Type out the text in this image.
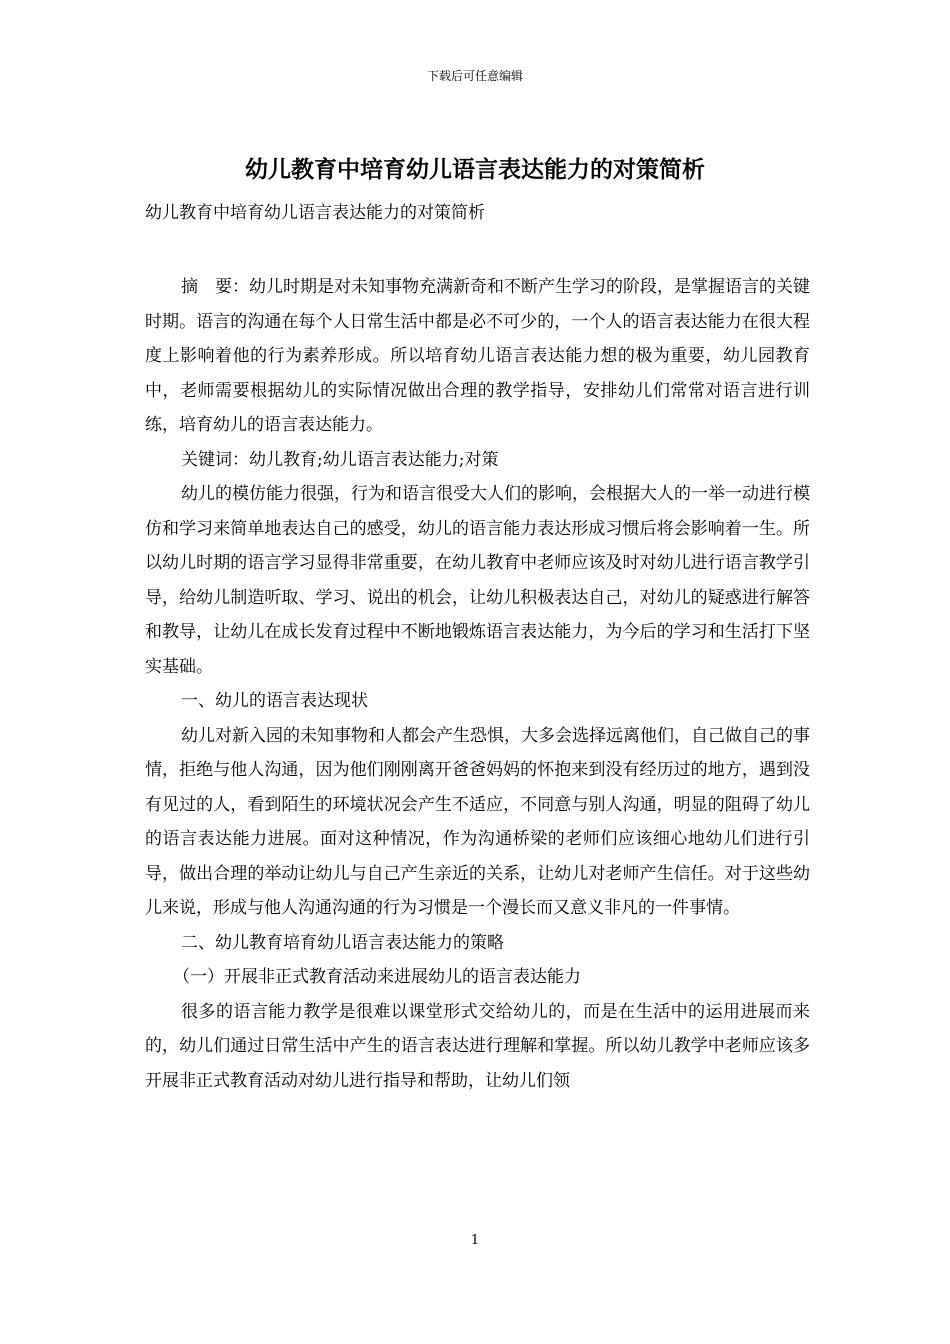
下载后可任意编辑
幼儿教育中培育幼儿语言表达能力的对策简析
幼儿教育中培育幼儿语言表达能力的对策简析

摘　要：幼儿时期是对未知事物充满新奇和不断产生学习的阶段，是掌握语言的关键时期。语言的沟通在每个人日常生活中都是必不可少的，一个人的语言表达能力在很大程度上影响着他的行为素养形成。所以培育幼儿语言表达能力想的极为重要，幼儿园教育中，老师需要根据幼儿的实际情况做出合理的教学指导，安排幼儿们常常对语言进行训练，培育幼儿的语言表达能力。

关键词：幼儿教育;幼儿语言表达能力;对策

幼儿的模仿能力很强，行为和语言很受大人们的影响，会根据大人的一举一动进行模仿和学习来简单地表达自己的感受，幼儿的语言能力表达形成习惯后将会影响着一生。所以幼儿时期的语言学习显得非常重要，在幼儿教育中老师应该及时对幼儿进行语言教学引导，给幼儿制造听取、学习、说出的机会，让幼儿积极表达自己，对幼儿的疑惑进行解答和教导，让幼儿在成长发育过程中不断地锻炼语言表达能力，为今后的学习和生活打下坚实基础。

一、幼儿的语言表达现状

幼儿对新入园的未知事物和人都会产生恐惧，大多会选择远离他们，自己做自己的事情，拒绝与他人沟通，因为他们刚刚离开爸爸妈妈的怀抱来到没有经历过的地方，遇到没有见过的人，看到陌生的环境状况会产生不适应，不同意与别人沟通，明显的阻碍了幼儿的语言表达能力进展。面对这种情况，作为沟通桥梁的老师们应该细心地幼儿们进行引导，做出合理的举动让幼儿与自己产生亲近的关系，让幼儿对老师产生信任。对于这些幼儿来说，形成与他人沟通沟通的行为习惯是一个漫长而又意义非凡的一件事情。

二、幼儿教育培育幼儿语言表达能力的策略

（一）开展非正式教育活动来进展幼儿的语言表达能力

很多的语言能力教学是很难以课堂形式交给幼儿的，而是在生活中的运用进展而来的，幼儿们通过日常生活中产生的语言表达进行理解和掌握。所以幼儿教学中老师应该多开展非正式教育活动对幼儿进行指导和帮助，让幼儿们领

1
